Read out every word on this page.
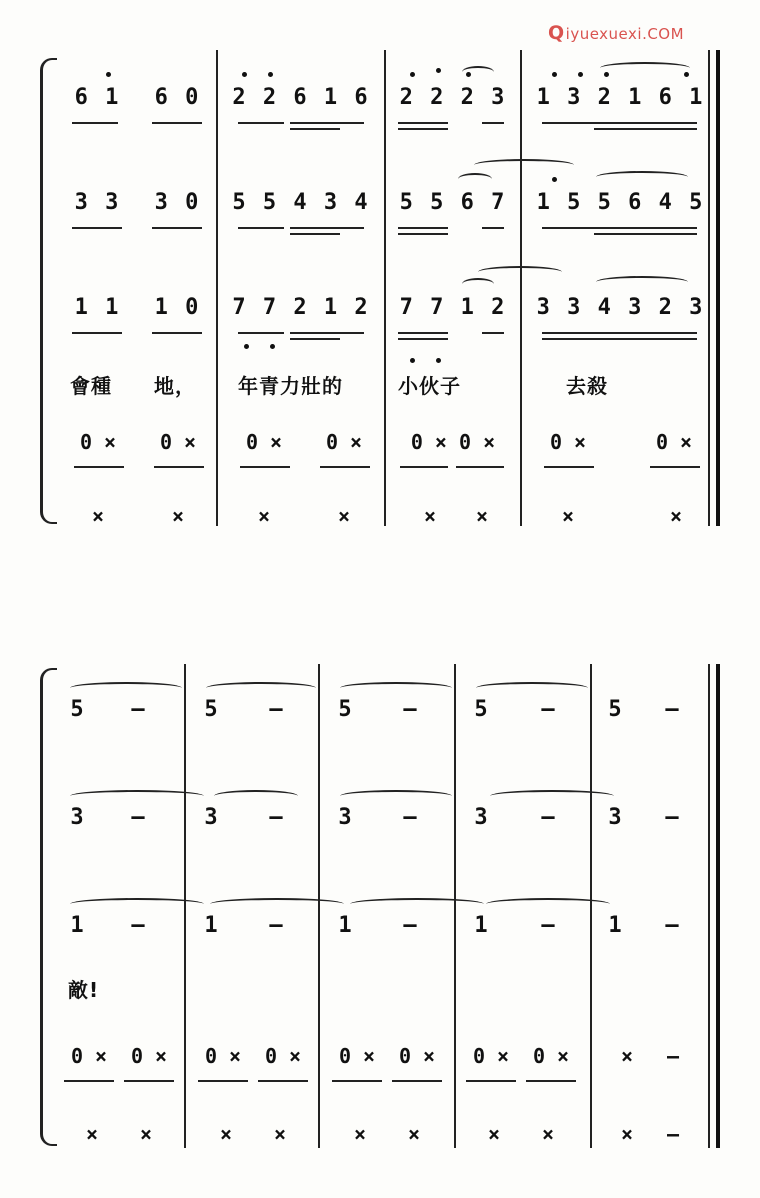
Qiyuexuexi.COM
6 1 6 0 2 2 6 1 6 2 2 2 3 1 3 2 1 6 1
3 3 3 0 5 5 4 3 4 5 5 6 7 1 5 5 6 4 5
1 1 1 0 7 7 2 1 2 7 7 1 2 3 3 4 3 2 3
會種 地， 年青力壯的	小伙子	去殺
0 × 0 × 0 × 0 × 0 × 0 ×	0 ×	0 ×
×	×	×	×	× ×	×	×
5 —	5 — 5 —	5 — 5 —
3 —	3 — 3 —	3 — 3 —
1 —	1 — 1 —	1 — 1 —
敵!
0 × 0 × 0 × 0 × 0 × 0 × 0 × 0 ×	× —
× ×	× ×	× ×	× ×	× —
